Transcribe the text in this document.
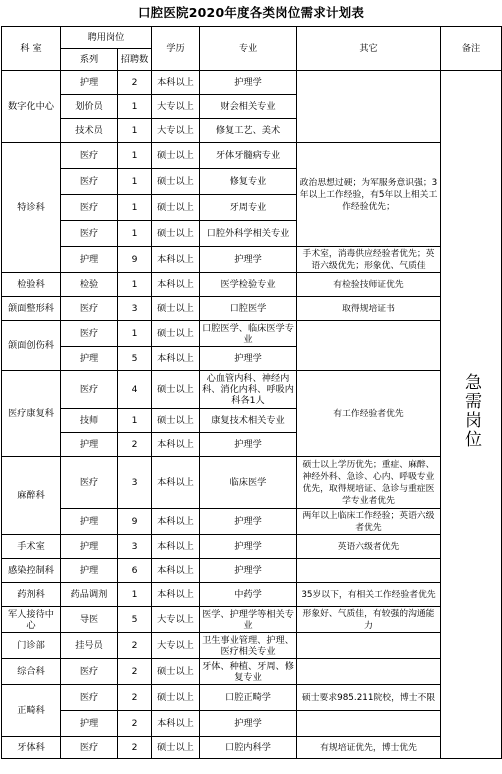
口腔医院2020年度各类岗位需求计划表
科 室	聘用岗位		学历	专业	其它	备注
	系列	招聘数				
数字化中心	护理	2	本科以上	护理学		急需岗位
	划价员	1	大专以上	财会相关专业		
	技术员	1	大专以上	修复工艺、美术		
特诊科	医疗	1	硕士以上	牙体牙髓病专业	政治思想过硬；为军服务意识强；3年以上工作经验，有5年以上相关工作经验优先；	
	医疗	1	硕士以上	修复专业		
	医疗	1	硕士以上	牙周专业		
	医疗	1	硕士以上	口腔外科学相关专业		
	护理	9	本科以上	护理学	手术室，消毒供应经验者优先；英语六级优先；形象优、气质佳	
检验科	检验	1	本科以上	医学检验专业	有检验技师证优先	
颌面整形科	医疗	3	硕士以上	口腔医学	取得规培证书	
颌面创伤科	医疗	1	硕士以上	口腔医学、临床医学专业		
	护理	5	本科以上	护理学		
医疗康复科	医疗	4	硕士以上	心血管内科、神经内科、消化内科、呼吸内科各1人	有工作经验者优先	
	技师	1	硕士以上	康复技术相关专业		
	护理	2	本科以上	护理学		
麻醉科	医疗	3	本科以上	临床医学	硕士以上学历优先；重症、麻醉、神经外科、急诊、心内、呼吸专业优先，取得规培证、急诊与重症医学专业者优先	
	护理	9	本科以上	护理学	两年以上临床工作经验；英语六级者优先	
手术室	护理	3	本科以上	护理学	英语六级者优先	
感染控制科	护理	6	本科以上	护理学		
药剂科	药品调剂	1	本科以上	中药学	35岁以下，有相关工作经验者优先	
军人接待中心	导医	5	大专以上	医学、护理学等相关专业	形象好、气质佳，有较强的沟通能力	
门诊部	挂号员	2	大专以上	卫生事业管理、护理、医疗相关专业		
综合科	医疗	2	硕士以上	牙体、种植、牙周、修复专业		
正畸科	医疗	2	硕士以上	口腔正畸学	硕士要求985.211院校，博士不限	
	护理	2	本科以上	护理学		
牙体科	医疗	2	硕士以上	口腔内科学	有规培证优先，博士优先	
